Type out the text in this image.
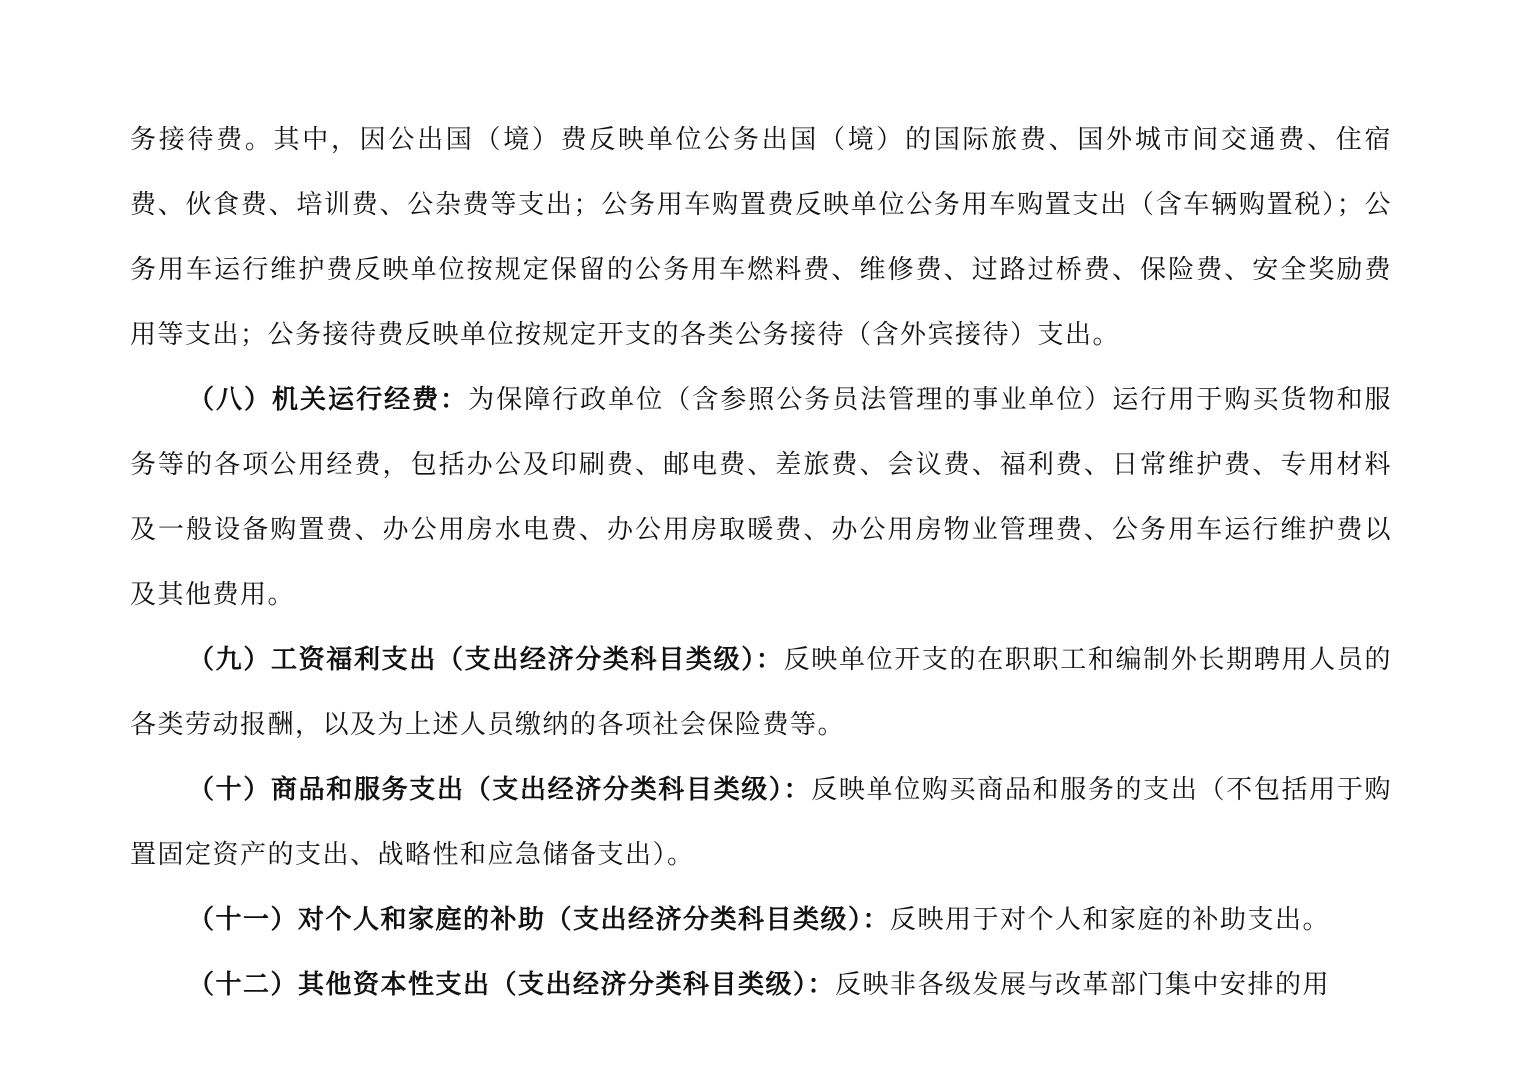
务接待费。其中，因公出国（境）费反映单位公务出国（境）的国际旅费、国外城市间交通费、住宿费、伙食费、培训费、公杂费等支出；公务用车购置费反映单位公务用车购置支出（含车辆购置税）；公务用车运行维护费反映单位按规定保留的公务用车燃料费、维修费、过路过桥费、保险费、安全奖励费用等支出；公务接待费反映单位按规定开支的各类公务接待（含外宾接待）支出。

（八）机关运行经费：为保障行政单位（含参照公务员法管理的事业单位）运行用于购买货物和服务等的各项公用经费，包括办公及印刷费、邮电费、差旅费、会议费、福利费、日常维护费、专用材料及一般设备购置费、办公用房水电费、办公用房取暖费、办公用房物业管理费、公务用车运行维护费以及其他费用。

（九）工资福利支出（支出经济分类科目类级）：反映单位开支的在职职工和编制外长期聘用人员的各类劳动报酬，以及为上述人员缴纳的各项社会保险费等。

（十）商品和服务支出（支出经济分类科目类级）：反映单位购买商品和服务的支出（不包括用于购置固定资产的支出、战略性和应急储备支出）。

（十一）对个人和家庭的补助（支出经济分类科目类级）：反映用于对个人和家庭的补助支出。

（十二）其他资本性支出（支出经济分类科目类级）：反映非各级发展与改革部门集中安排的用
